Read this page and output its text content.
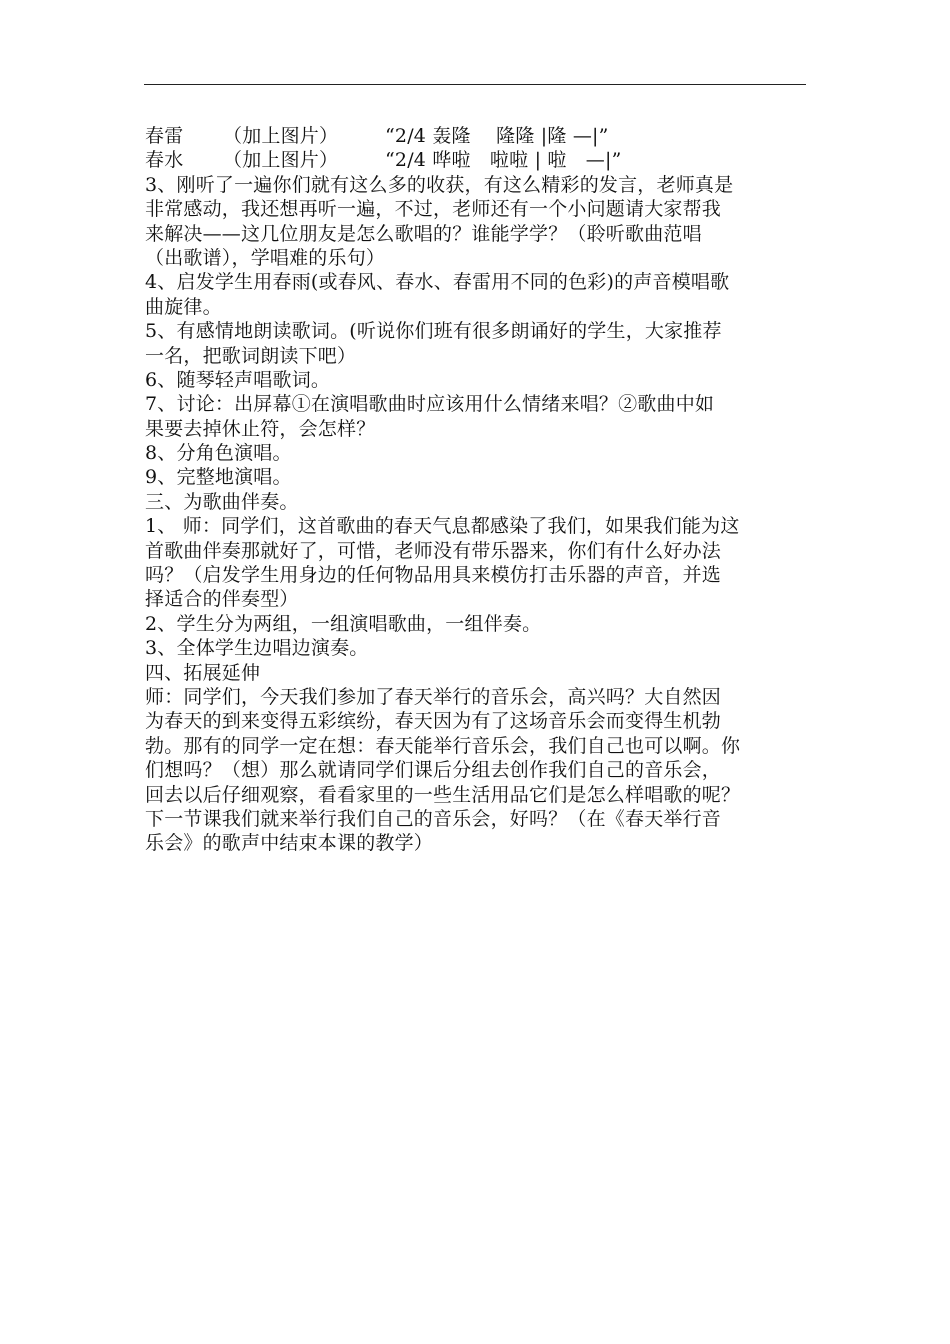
春雷 （加上图片） “2/4 轰隆　 隆隆 |隆 —|”
春水 （加上图片） “2/4 哗啦　啦啦 | 啦　—|”
3、刚听了一遍你们就有这么多的收获，有这么精彩的发言，老师真是
非常感动，我还想再听一遍，不过，老师还有一个小问题请大家帮我
来解决——这几位朋友是怎么歌唱的？谁能学学？（聆听歌曲范唱
（出歌谱），学唱难的乐句）
4、启发学生用春雨(或春风、春水、春雷用不同的色彩)的声音模唱歌
曲旋律。
5、有感情地朗读歌词。(听说你们班有很多朗诵好的学生，大家推荐
一名，把歌词朗读下吧）
6、随琴轻声唱歌词。
7、讨论：出屏幕①在演唱歌曲时应该用什么情绪来唱？②歌曲中如
果要去掉休止符，会怎样？
8、分角色演唱。
9、完整地演唱。
三、为歌曲伴奏。
1、 师：同学们，这首歌曲的春天气息都感染了我们，如果我们能为这
首歌曲伴奏那就好了，可惜，老师没有带乐器来，你们有什么好办法
吗？（启发学生用身边的任何物品用具来模仿打击乐器的声音，并选
择适合的伴奏型）
2、学生分为两组，一组演唱歌曲，一组伴奏。
3、全体学生边唱边演奏。
四、拓展延伸
师：同学们，今天我们参加了春天举行的音乐会，高兴吗？大自然因
为春天的到来变得五彩缤纷，春天因为有了这场音乐会而变得生机勃
勃。那有的同学一定在想：春天能举行音乐会，我们自己也可以啊。你
们想吗？（想）那么就请同学们课后分组去创作我们自己的音乐会，
回去以后仔细观察，看看家里的一些生活用品它们是怎么样唱歌的呢？
下一节课我们就来举行我们自己的音乐会，好吗？（在《春天举行音
乐会》的歌声中结束本课的教学）
